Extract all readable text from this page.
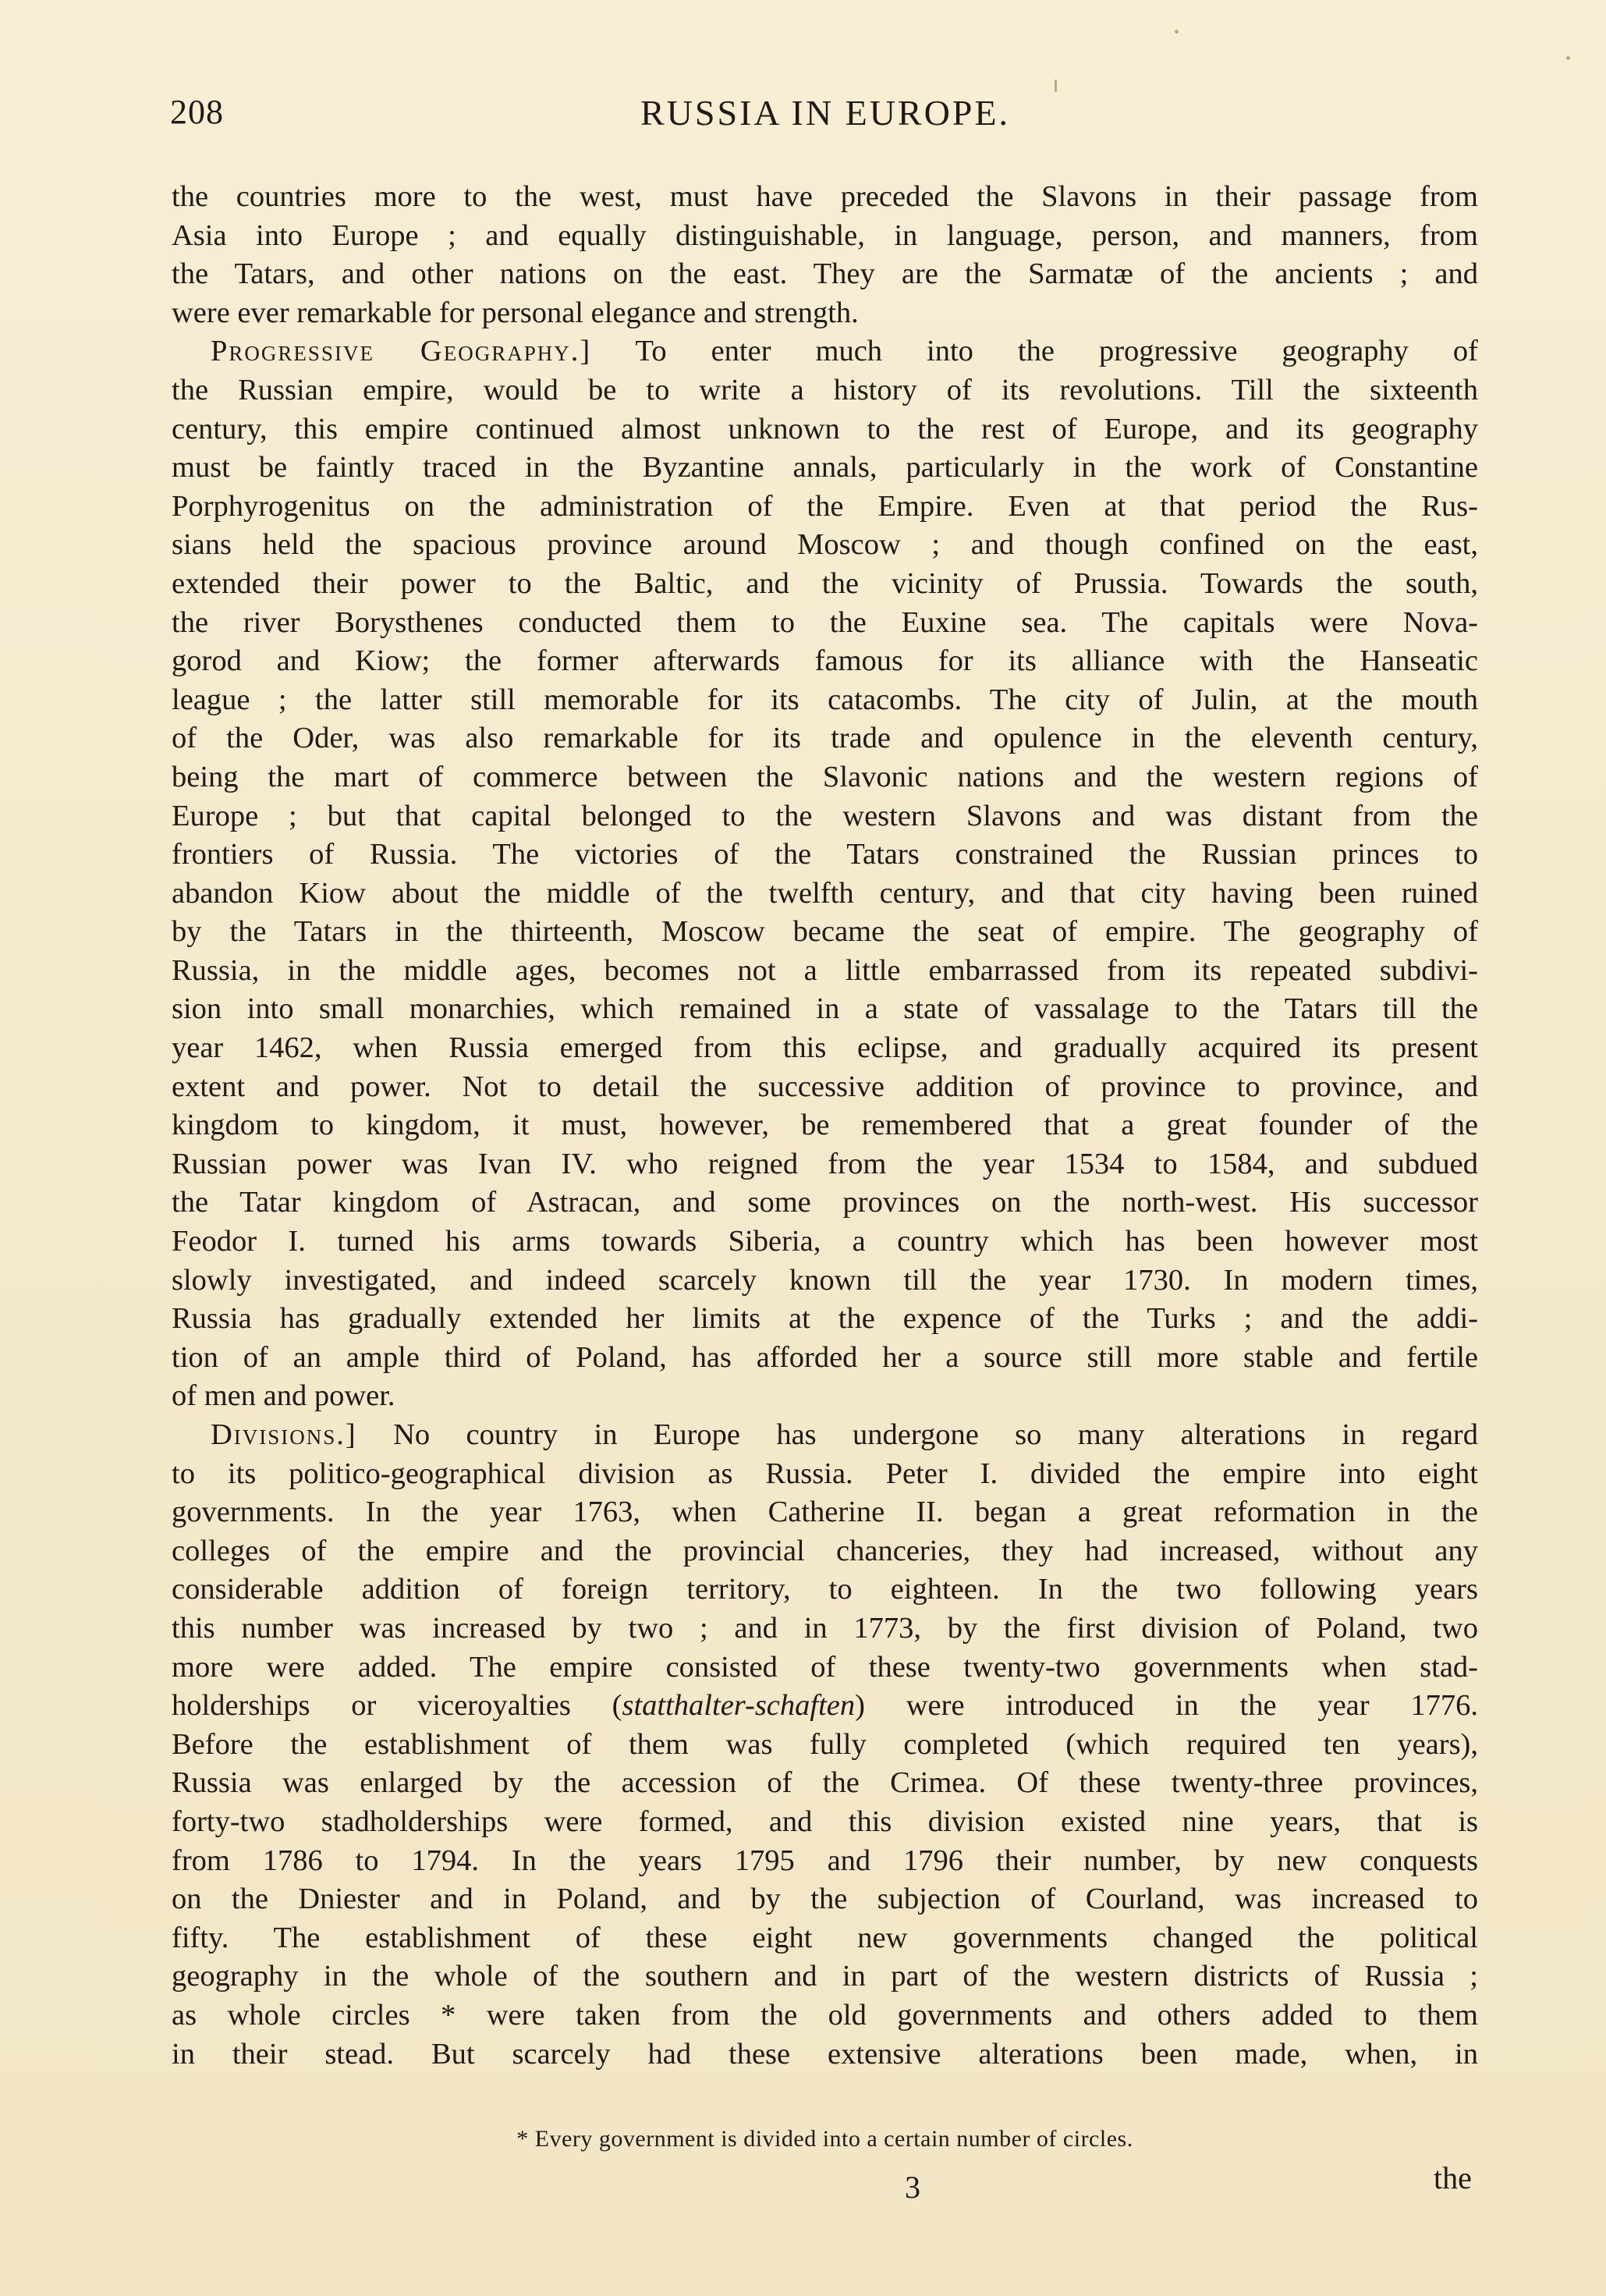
208	RUSSIA IN EUROPE.
the countries more to the west, must have preceded the Slavons in their passage from
Asia into Europe ; and equally distinguishable, in language, person, and manners, from
the Tatars, and other nations on the east. They are the Sarmatæ of the ancients ; and
were ever remarkable for personal elegance and strength.
Progressive Geography.] To enter much into the progressive geography of
the Russian empire, would be to write a history of its revolutions. Till the sixteenth
century, this empire continued almost unknown to the rest of Europe, and its geography
must be faintly traced in the Byzantine annals, particularly in the work of Constantine
Porphyrogenitus on the administration of the Empire. Even at that period the Rus-
sians held the spacious province around Moscow ; and though confined on the east,
extended their power to the Baltic, and the vicinity of Prussia. Towards the south,
the river Borysthenes conducted them to the Euxine sea. The capitals were Nova-
gorod and Kiow; the former afterwards famous for its alliance with the Hanseatic
league ; the latter still memorable for its catacombs. The city of Julin, at the mouth
of the Oder, was also remarkable for its trade and opulence in the eleventh century,
being the mart of commerce between the Slavonic nations and the western regions of
Europe ; but that capital belonged to the western Slavons and was distant from the
frontiers of Russia. The victories of the Tatars constrained the Russian princes to
abandon Kiow about the middle of the twelfth century, and that city having been ruined
by the Tatars in the thirteenth, Moscow became the seat of empire. The geography of
Russia, in the middle ages, becomes not a little embarrassed from its repeated subdivi-
sion into small monarchies, which remained in a state of vassalage to the Tatars till the
year 1462, when Russia emerged from this eclipse, and gradually acquired its present
extent and power. Not to detail the successive addition of province to province, and
kingdom to kingdom, it must, however, be remembered that a great founder of the
Russian power was Ivan IV. who reigned from the year 1534 to 1584, and subdued
the Tatar kingdom of Astracan, and some provinces on the north-west. His successor
Feodor I. turned his arms towards Siberia, a country which has been however most
slowly investigated, and indeed scarcely known till the year 1730. In modern times,
Russia has gradually extended her limits at the expence of the Turks ; and the addi-
tion of an ample third of Poland, has afforded her a source still more stable and fertile
of men and power.
Divisions.] No country in Europe has undergone so many alterations in regard
to its politico-geographical division as Russia. Peter I. divided the empire into eight
governments. In the year 1763, when Catherine II. began a great reformation in the
colleges of the empire and the provincial chanceries, they had increased, without any
considerable addition of foreign territory, to eighteen. In the two following years
this number was increased by two ; and in 1773, by the first division of Poland, two
more were added. The empire consisted of these twenty-two governments when stad-
holderships or viceroyalties (statthalter-schaften) were introduced in the year 1776.
Before the establishment of them was fully completed (which required ten years),
Russia was enlarged by the accession of the Crimea. Of these twenty-three provinces,
forty-two stadholderships were formed, and this division existed nine years, that is
from 1786 to 1794. In the years 1795 and 1796 their number, by new conquests
on the Dniester and in Poland, and by the subjection of Courland, was increased to
fifty. The establishment of these eight new governments changed the political
geography in the whole of the southern and in part of the western districts of Russia ;
as whole circles * were taken from the old governments and others added to them
in their stead. But scarcely had these extensive alterations been made, when, in
* Every government is divided into a certain number of circles.
3	the
